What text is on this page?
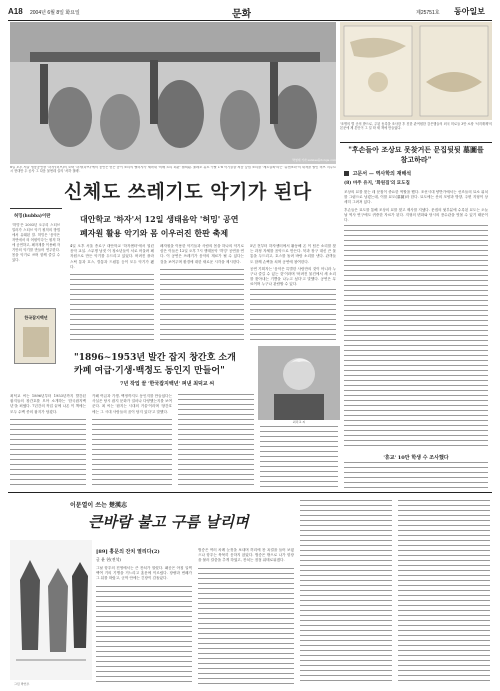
A18 2004년 6월 8일 화요일	문화	제25751호 동아일보
8일 오후 서울 명동공연장 '하자'(허브)의 오락 '하자(하브)'에서 공연은 얻은 종이 소리의 헬터사가 채마대 '비배 트리 회관' 펼쳐됨. 뮬레오 뮤르 카탈 1·8 악기들을 처음 중심 소리를 '제트들파'라는 '유엔코라'의 대책을 할인 비브 지무르시 현대만 두 공사 그 다음 물씬데 실의 '서하 절배'.
박영대 기자 sannae@donga.com
'조명의 별 곳의 밭으로, 주된 동록을 조사한 후 친한 관여원한 감은행들의 외국 미로들 3만 소장 '서지재제'의 본문에 제 본인이 그 일 따 새 책에 만들었다.
"후손들아 조상묘 못찾거든 문집뒷뒷 墓圖를 참고하라"
고문서 — 역사학의 재해석
(8) 마주 유지, '화원집'의 묘도집
조상의 묘를 찾는 데 문집이 중요한 역할을 했다. 조선시대 양반가에서는 선조들의 묘소 위치를 그림으로 남겼는데, 이를 묘도(墓圖)라 한다. 묘도에는 산의 모양과 방향, 주변 지형이 상세히 그려져 있다.
후손들은 묘도를 통해 조상의 묘를 찾고 제사를 지냈다. 문집의 뒷부분에 수록된 묘도는 오늘날 역사 연구에도 귀중한 자료가 된다. 지형의 변화와 당시의 풍수관을 엿볼 수 있기 때문이다.
신체도 쓰레기도 악기가 된다
허밍(hubba)이란
'허밍'은 2003년 오우리 스티브 밀러가 스티브 악기 원칙의 방법에서 유래된 말. 허밍은 '음악은 자연에서 의 어원이다'는 원칙 하에 공연하고, 폐자재를 이용해 자기만의 악기를 만들어 연주한다. 몸을 악기로 쓰며 함께 즐길 수 있다.
대안학교 '하자'서 12일 생태음악 '허밍' 공연
폐자원 활용 악기와 몸 이우러진 한판 축제
4일 오후 서울 종로구 대안학교 '하자센터'에서 열린 음악 교실. 스무명 남짓 이 청소년들이 서로 어울려 폐자원으로 만든 악기를 두드리고 있었다. 버려진 플라스틱 통과 호스, 깡통과 드럼통 등이 모두 악기가 됐다.
폐자원을 이용한 악기들과 사람의 몸을 하나의 악기로 삼은 이들은 12일 오후 7시 생태음악 '허밍' 공연을 연다. 이 공연은 쓰레기가 음악의 재료가 될 수 있다는 것을 보여주며 환경에 대한 새로운 시각을 제시한다.
5년 전부터 하자센터에서 활동해 온 이 팀은 소리를 찾는 과정 자체를 음악으로 만든다. 북과 장구 대신 큰 물통을 두드리고, 호스를 돌려 바람 소리를 낸다. 관객들도 함께 손뼉을 치며 공연에 참여한다.
공연 기획자는 '음악은 특별한 사람만의 것이 아니라 누구나 즐길 수 있는 것'이라며 '버려진 물건에서 새 소리를 찾아내는 기쁨을 나누고 싶다'고 말했다. 공연은 무료이며 누구나 관람할 수 있다.
한국잡지백년
"1896∼1953년 발간 잡지 창간호 소개
카페 여급·기생·백정도 동인지 만들어"
7년 작업 끝 '한국잡지백년' 펴낸 최덕교 씨
최덕교 씨
최덕교 씨는 1896년부터 1953년까지 발간된 잡지들의 창간호를 모아 소개하는 '한국잡지백년'을 펴냈다. 7년간의 작업 끝에 나온 이 책에는 모두 수백 종의 잡지가 담겼다.
카페 여급과 기생, 백정까지도 동인지를 만들었다는 사실은 당시 잡지 문화가 얼마나 다양했는지를 보여준다. 최 씨는 '잡지는 시대의 거울'이라며 '창간호에는 그 시대 사람들의 꿈이 담겨 있다'고 말했다.
'휴교' 10만 학생 수 조사했다
이문열이 쓰는 楚漢志
큰바람 불고 구름 날리며
그림 박인우
[89] 홍문의 잔치 열리다(2)
글 윤 현(전석)
그날 항우의 진영에서는 큰 잔치가 열렸다. 패공은 아침 일찍 백여 기의 기병을 거느리고 홍문에 이르렀다. 장량과 번쾌가 그 뒤를 따랐고, 군막 안에는 긴장이 감돌았다.
범증은 여러 차례 눈짓을 보내며 허리에 찬 옥결을 들어 보였으나 항우는 묵묵히 응하지 않았다. 범증은 밖으로 나가 항장을 불러 칼춤을 추게 하였고, 잔치는 점점 위태로워졌다.
